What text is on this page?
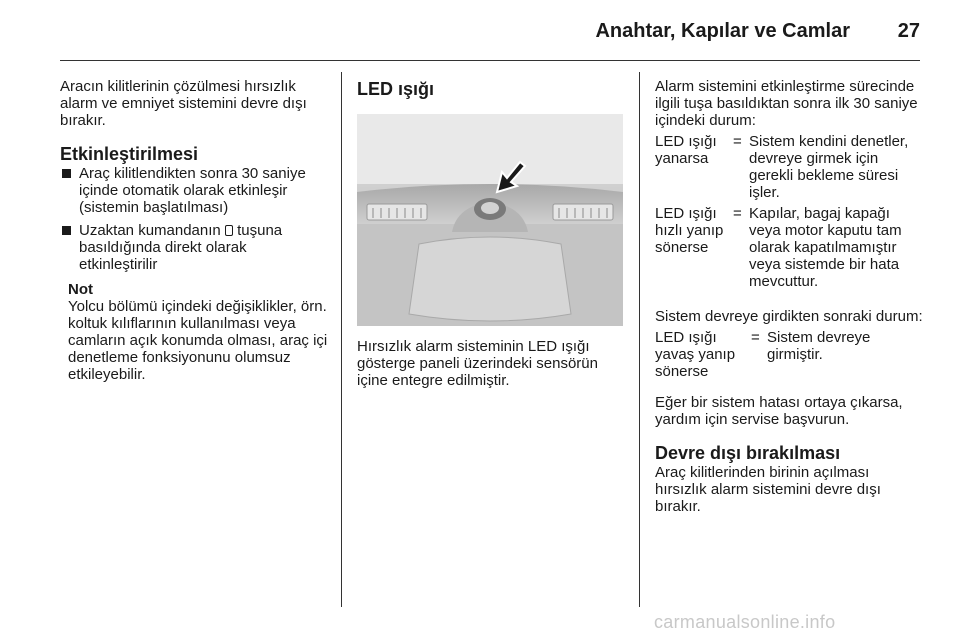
Anahtar, Kapılar ve Camlar 27

Aracın kilitlerinin çözülmesi hırsızlık alarm ve emniyet sistemini devre dışı bırakır.

Etkinleştirilmesi
Araç kilitlendikten sonra 30 saniye içinde otomatik olarak etkinleşir (sistemin başlatılması)
Uzaktan kumandanın tuşuna basıldığında direkt olarak etkinleştirilir

Not

Yolcu bölümü içindeki değişiklikler, örn. koltuk kılıflarının kullanılması veya camların açık konumda olması, araç içi denetleme fonksiyonunu olumsuz etkileyebilir.

LED ışığı

Hırsızlık alarm sisteminin LED ışığı gösterge paneli üzerindeki sensörün içine entegre edilmiştir.

Alarm sistemini etkinleştirme sürecinde ilgili tuşa basıldıktan sonra ilk 30 saniye içindeki durum:

LED ışığı yanarsa
= Sistem kendini denetler, devreye girmek için gerekli bekleme süresi işler.
LED ışığı hızlı yanıp sönerse
= Kapılar, bagaj kapağı veya motor kaputu tam olarak kapatılmamıştır veya sistemde bir hata mevcuttur.

Sistem devreye girdikten sonraki durum:

LED ışığı yavaş yanıp sönerse
= Sistem devreye girmiştir.

Eğer bir sistem hatası ortaya çıkarsa, yardım için servise başvurun.

Devre dışı bırakılması

Araç kilitlerinden birinin açılması hırsızlık alarm sistemini devre dışı bırakır.

carmanualsonline.info
